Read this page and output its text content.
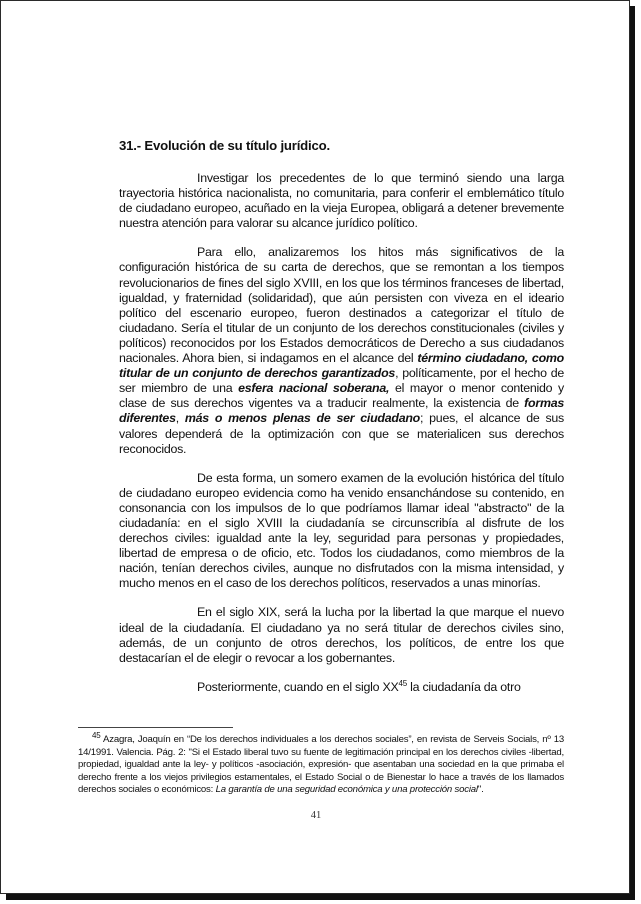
31.- Evolución de su título jurídico.

Investigar los precedentes de lo que terminó siendo una larga trayectoria histórica nacionalista, no comunitaria, para conferir el emblemático título de ciudadano europeo, acuñado en la vieja Europea, obligará a detener brevemente nuestra atención para valorar su alcance jurídico político.

Para ello, analizaremos los hitos más significativos de la configuración histórica de su carta de derechos, que se remontan a los tiempos revolucionarios de fines del siglo XVIII, en los que los términos franceses de libertad, igualdad, y fraternidad (solidaridad), que aún persisten con viveza en el ideario político del escenario europeo, fueron destinados a categorizar el título de ciudadano. Sería el titular de un conjunto de los derechos constitucionales (civiles y políticos) reconocidos por los Estados democráticos de Derecho a sus ciudadanos nacionales. Ahora bien, si indagamos en el alcance del término ciudadano, como titular de un conjunto de derechos garantizados, políticamente, por el hecho de ser miembro de una esfera nacional soberana, el mayor o menor contenido y clase de sus derechos vigentes va a traducir realmente, la existencia de formas diferentes, más o menos plenas de ser ciudadano; pues, el alcance de sus valores dependerá de la optimización con que se materialicen sus derechos reconocidos.

De esta forma, un somero examen de la evolución histórica del título de ciudadano europeo evidencia como ha venido ensanchándose su contenido, en consonancia con los impulsos de lo que podríamos llamar ideal "abstracto" de la ciudadanía: en el siglo XVIII la ciudadanía se circunscribía al disfrute de los derechos civiles: igualdad ante la ley, seguridad para personas y propiedades, libertad de empresa o de oficio, etc. Todos los ciudadanos, como miembros de la nación, tenían derechos civiles, aunque no disfrutados con la misma intensidad, y mucho menos en el caso de los derechos políticos, reservados a unas minorías.

En el siglo XIX, será la lucha por la libertad la que marque el nuevo ideal de la ciudadanía. El ciudadano ya no será titular de derechos civiles sino, además, de un conjunto de otros derechos, los políticos, de entre los que destacarían el de elegir o revocar a los gobernantes.

Posteriormente, cuando en el siglo XX$^{45}$ la ciudadanía da otro

$^{45}$ Azagra, Joaquín en “De los derechos individuales a los derechos sociales”, en revista de Serveis Socials, nº 13 14/1991. Valencia. Pág. 2: "Si el Estado liberal tuvo su fuente de legitimación principal en los derechos civiles -libertad, propiedad, igualdad ante la ley- y políticos -asociación, expresión- que asentaban una sociedad en la que primaba el derecho frente a los viejos privilegios estamentales, el Estado Social o de Bienestar lo hace a través de los llamados derechos sociales o económicos: La garantía de una seguridad económica y una protección social".
41
